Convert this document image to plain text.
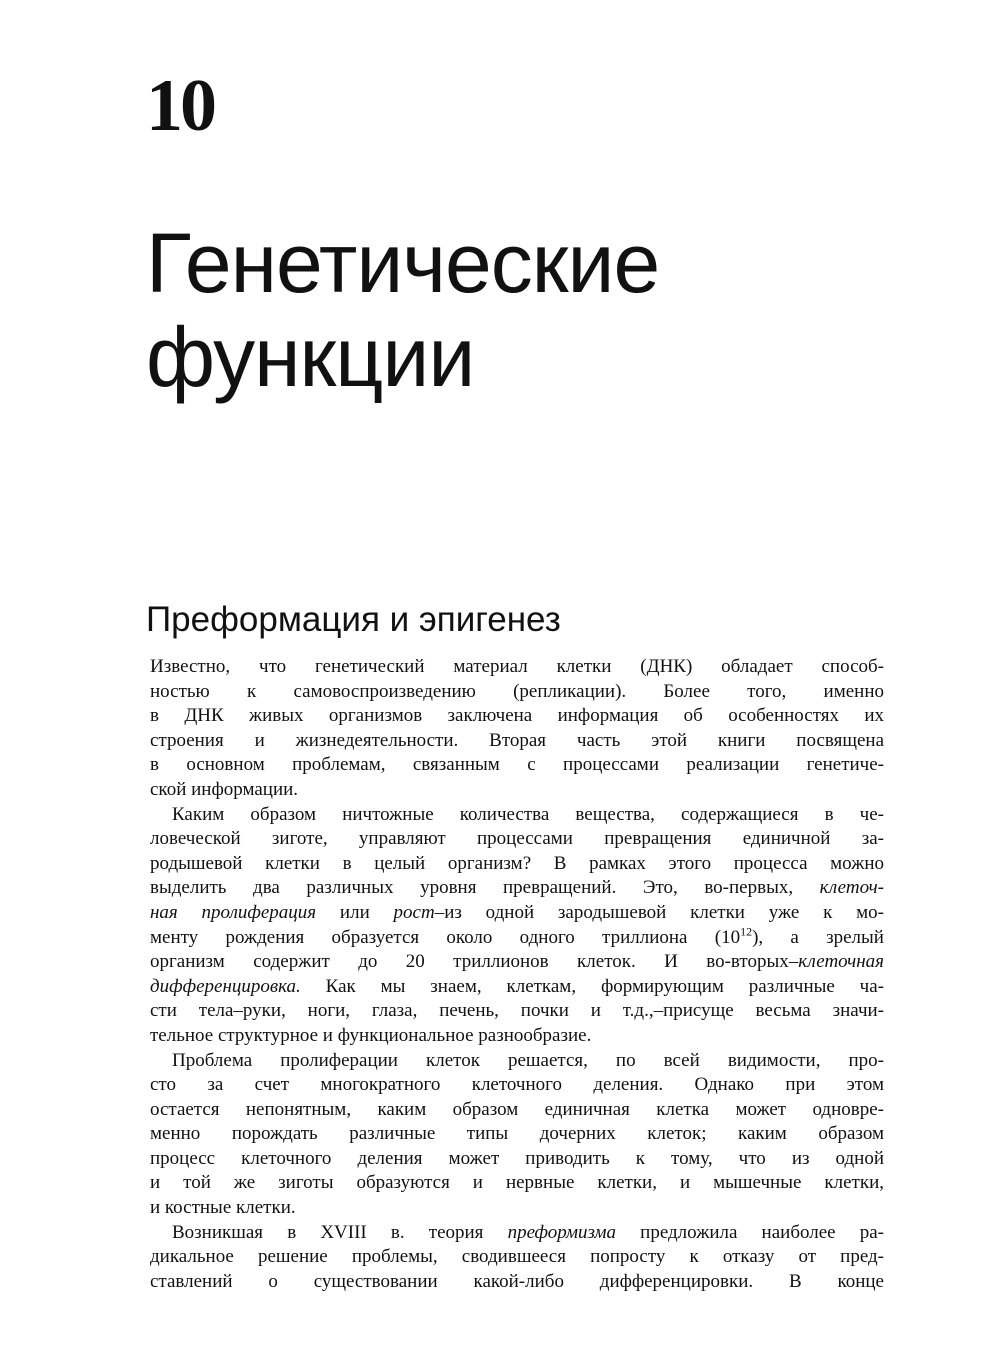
10
Генетические
функции
Преформация и эпигенез
Известно, что генетический материал клетки (ДНК) обладает способ-
ностью к самовоспроизведению (репликации). Более того, именно
в ДНК живых организмов заключена информация об особенностях их
строения и жизнедеятельности. Вторая часть этой книги посвящена
в основном проблемам, связанным с процессами реализации генетиче-
ской информации.
Каким образом ничтожные количества вещества, содержащиеся в че-
ловеческой зиготе, управляют процессами превращения единичной за-
родышевой клетки в целый организм? В рамках этого процесса можно
выделить два различных уровня превращений. Это, во-первых, клеточ-
ная пролиферация или рост–из одной зародышевой клетки уже к мо-
менту рождения образуется около одного триллиона $(10^{12})$, а зрелый
организм содержит до 20 триллионов клеток. И во-вторых–клеточная
дифференцировка. Как мы знаем, клеткам, формирующим различные ча-
сти тела–руки, ноги, глаза, печень, почки и т.д.,–присуще весьма значи-
тельное структурное и функциональное разнообразие.
Проблема пролиферации клеток решается, по всей видимости, про-
сто за счет многократного клеточного деления. Однако при этом
остается непонятным, каким образом единичная клетка может одновре-
менно порождать различные типы дочерних клеток; каким образом
процесс клеточного деления может приводить к тому, что из одной
и той же зиготы образуются и нервные клетки, и мышечные клетки,
и костные клетки.
Возникшая в XVIII в. теория преформизма предложила наиболее ра-
дикальное решение проблемы, сводившееся попросту к отказу от пред-
ставлений о существовании какой-либо дифференцировки. В конце
